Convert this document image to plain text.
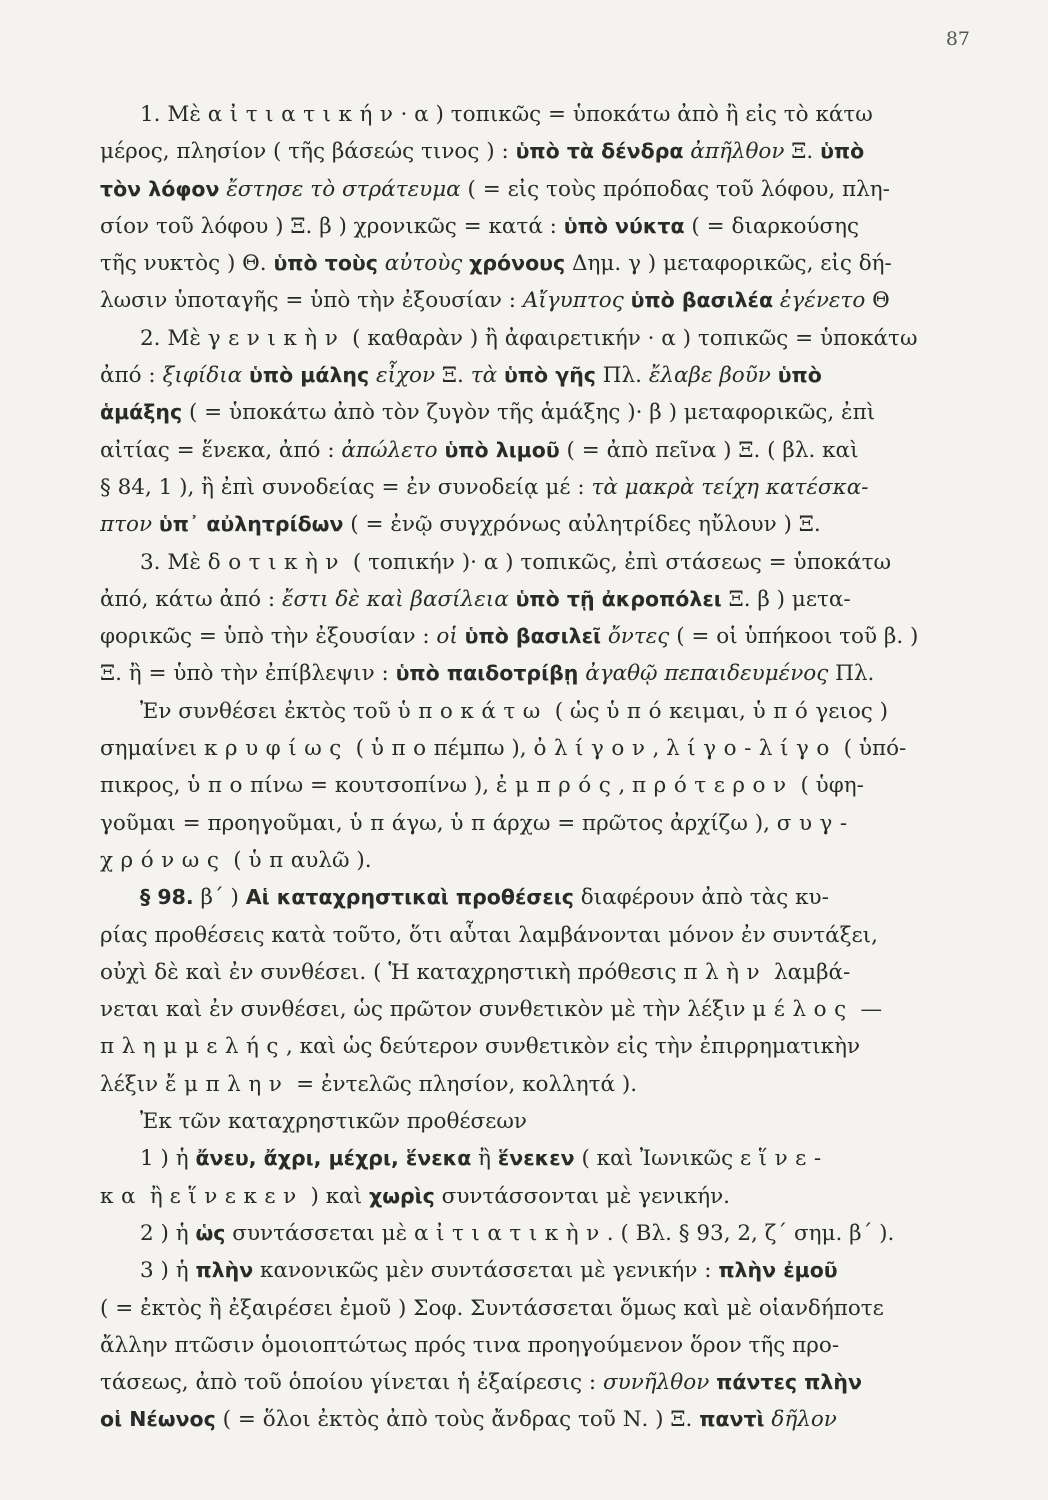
87
1. Μὲ αἰτιατικήν· α ) τοπικῶς = ὑποκάτω ἀπὸ ἢ εἰς τὸ κάτω
μέρος, πλησίον ( τῆς βάσεώς τινος ) : ὑπὸ τὰ δένδρα ἀπῆλθον Ξ. ὑπὸ
τὸν λόφον ἔστησε τὸ στράτευμα ( = εἰς τοὺς πρόποδας τοῦ λόφου, πλη-
σίον τοῦ λόφου ) Ξ. β ) χρονικῶς = κατά : ὑπὸ νύκτα ( = διαρκούσης
τῆς νυκτὸς ) Θ. ὑπὸ τοὺς αὐτοὺς χρόνους Δημ. γ ) μεταφορικῶς, εἰς δή-
λωσιν ὑποταγῆς = ὑπὸ τὴν ἐξουσίαν : Αἴγυπτος ὑπὸ βασιλέα ἐγένετο Θ
2. Μὲ γενικὴν ( καθαρὰν ) ἢ ἀφαιρετικήν · α ) τοπικῶς = ὑποκάτω
ἀπό : ξιφίδια ὑπὸ μάλης εἶχον Ξ. τὰ ὑπὸ γῆς Πλ. ἔλαβε βοῦν ὑπὸ
ἁμάξης ( = ὑποκάτω ἀπὸ τὸν ζυγὸν τῆς ἁμάξης )· β ) μεταφορικῶς, ἐπὶ
αἰτίας = ἕνεκα, ἀπό : ἀπώλετο ὑπὸ λιμοῦ ( = ἀπὸ πεῖνα ) Ξ. ( βλ. καὶ
§ 84, 1 ), ἢ ἐπὶ συνοδείας = ἐν συνοδείᾳ μέ : τὰ μακρὰ τείχη κατέσκα-
πτον ὑπ᾽ αὐλητρίδων ( = ἐνῷ συγχρόνως αὐλητρίδες ηὔλουν ) Ξ.
3. Μὲ δοτικὴν ( τοπικήν )· α ) τοπικῶς, ἐπὶ στάσεως = ὑποκάτω
ἀπό, κάτω ἀπό : ἔστι δὲ καὶ βασίλεια ὑπὸ τῇ ἀκροπόλει Ξ. β ) μετα-
φορικῶς = ὑπὸ τὴν ἐξουσίαν : οἱ ὑπὸ βασιλεῖ ὄντες ( = οἱ ὑπήκοοι τοῦ β. )
Ξ. ἢ = ὑπὸ τὴν ἐπίβλεψιν : ὑπὸ παιδοτρίβῃ ἀγαθῷ πεπαιδευμένος Πλ.
Ἐν συνθέσει ἐκτὸς τοῦ ὑποκάτω ( ὡς ὑπόκειμαι, ὑπόγειος )
σημαίνει κρυφίως ( ὑποπέμπω ), ὀλίγον, λίγο-λίγο ( ὑπό-
πικρος, ὑποπίνω = κουτσοπίνω ), ἐμπρός, πρότερον ( ὑφη-
γοῦμαι = προηγοῦμαι, ὑπάγω, ὑπάρχω = πρῶτος ἀρχίζω ), συγ-
χρόνως ( ὑπαυλῶ ).
§ 98. β΄ ) Αἱ καταχρηστικαὶ προθέσεις διαφέρουν ἀπὸ τὰς κυ-
ρίας προθέσεις κατὰ τοῦτο, ὅτι αὗται λαμβάνονται μόνον ἐν συντάξει,
οὐχὶ δὲ καὶ ἐν συνθέσει. ( Ἡ καταχρηστικὴ πρόθεσις πλὴν λαμβά-
νεται καὶ ἐν συνθέσει, ὡς πρῶτον συνθετικὸν μὲ τὴν λέξιν μέλος —
πλημμελής, καὶ ὡς δεύτερον συνθετικὸν εἰς τὴν ἐπιρρηματικὴν
λέξιν ἔμπλην = ἐντελῶς πλησίον, κολλητά ).
Ἐκ τῶν καταχρηστικῶν προθέσεων
1 ) ἡ ἄνευ, ἄχρι, μέχρι, ἕνεκα ἢ ἕνεκεν ( καὶ Ἰωνικῶς εἵνε-
κα ἢ εἵνεκεν ) καὶ χωρὶς συντάσσονται μὲ γενικήν.
2 ) ἡ ὡς συντάσσεται μὲ αἰτιατικὴν. ( Βλ. § 93, 2, ζ΄ σημ. β΄ ).
3 ) ἡ πλὴν κανονικῶς μὲν συντάσσεται μὲ γενικήν : πλὴν ἐμοῦ
( = ἐκτὸς ἢ ἐξαιρέσει ἐμοῦ ) Σοφ. Συντάσσεται ὅμως καὶ μὲ οἱανδήποτε
ἄλλην πτῶσιν ὁμοιοπτώτως πρός τινα προηγούμενον ὅρον τῆς προ-
τάσεως, ἀπὸ τοῦ ὁποίου γίνεται ἡ ἐξαίρεσις : συνῆλθον πάντες πλὴν
οἱ Νέωνος ( = ὅλοι ἐκτὸς ἀπὸ τοὺς ἄνδρας τοῦ Ν. ) Ξ. παντὶ δῆλον
